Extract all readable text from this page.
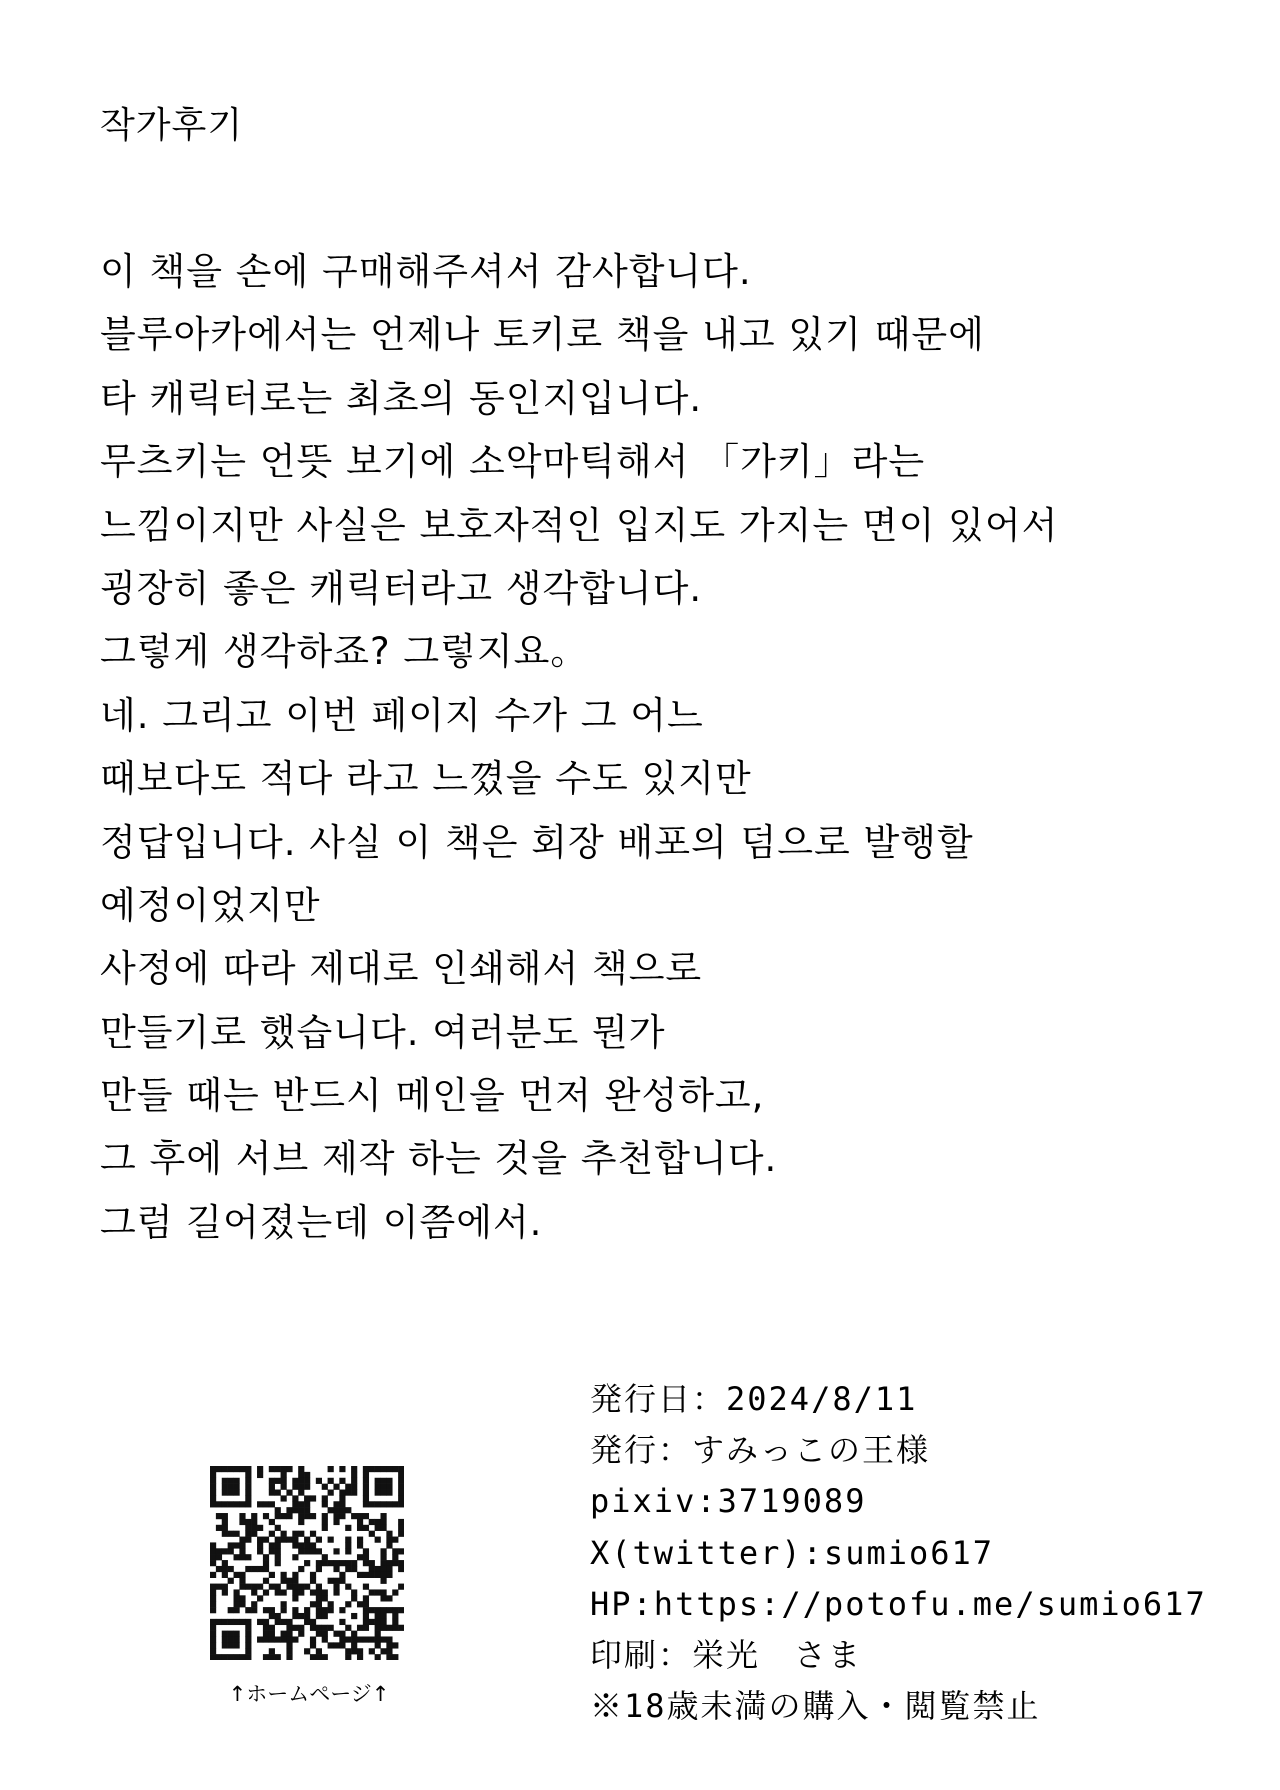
작가후기
이 책을 손에 구매해주셔서 감사합니다.
블루아카에서는 언제나 토키로 책을 내고 있기 때문에
타 캐릭터로는 최초의 동인지입니다.
무츠키는 언뜻 보기에 소악마틱해서 「가키」라는
느낌이지만 사실은 보호자적인 입지도 가지는 면이 있어서
굉장히 좋은 캐릭터라고 생각합니다.
그렇게 생각하죠? 그렇지요。
네. 그리고 이번 페이지 수가 그 어느
때보다도 적다 라고 느꼈을 수도 있지만
정답입니다. 사실 이 책은 회장 배포의 덤으로 발행할
예정이었지만
사정에 따라 제대로 인쇄해서 책으로
만들기로 했습니다. 여러분도 뭔가
만들 때는 반드시 메인을 먼저 완성하고,
그 후에 서브 제작 하는 것을 추천합니다.
그럼 길어졌는데 이쯤에서.
↑ホームページ↑
発行日：2024/8/11
発行：すみっこの王様
pixiv:3719089
X(twitter):sumio617
HP:https://potofu.me/sumio617
印刷：栄光　さま
※18歳未満の購入・閲覧禁止
